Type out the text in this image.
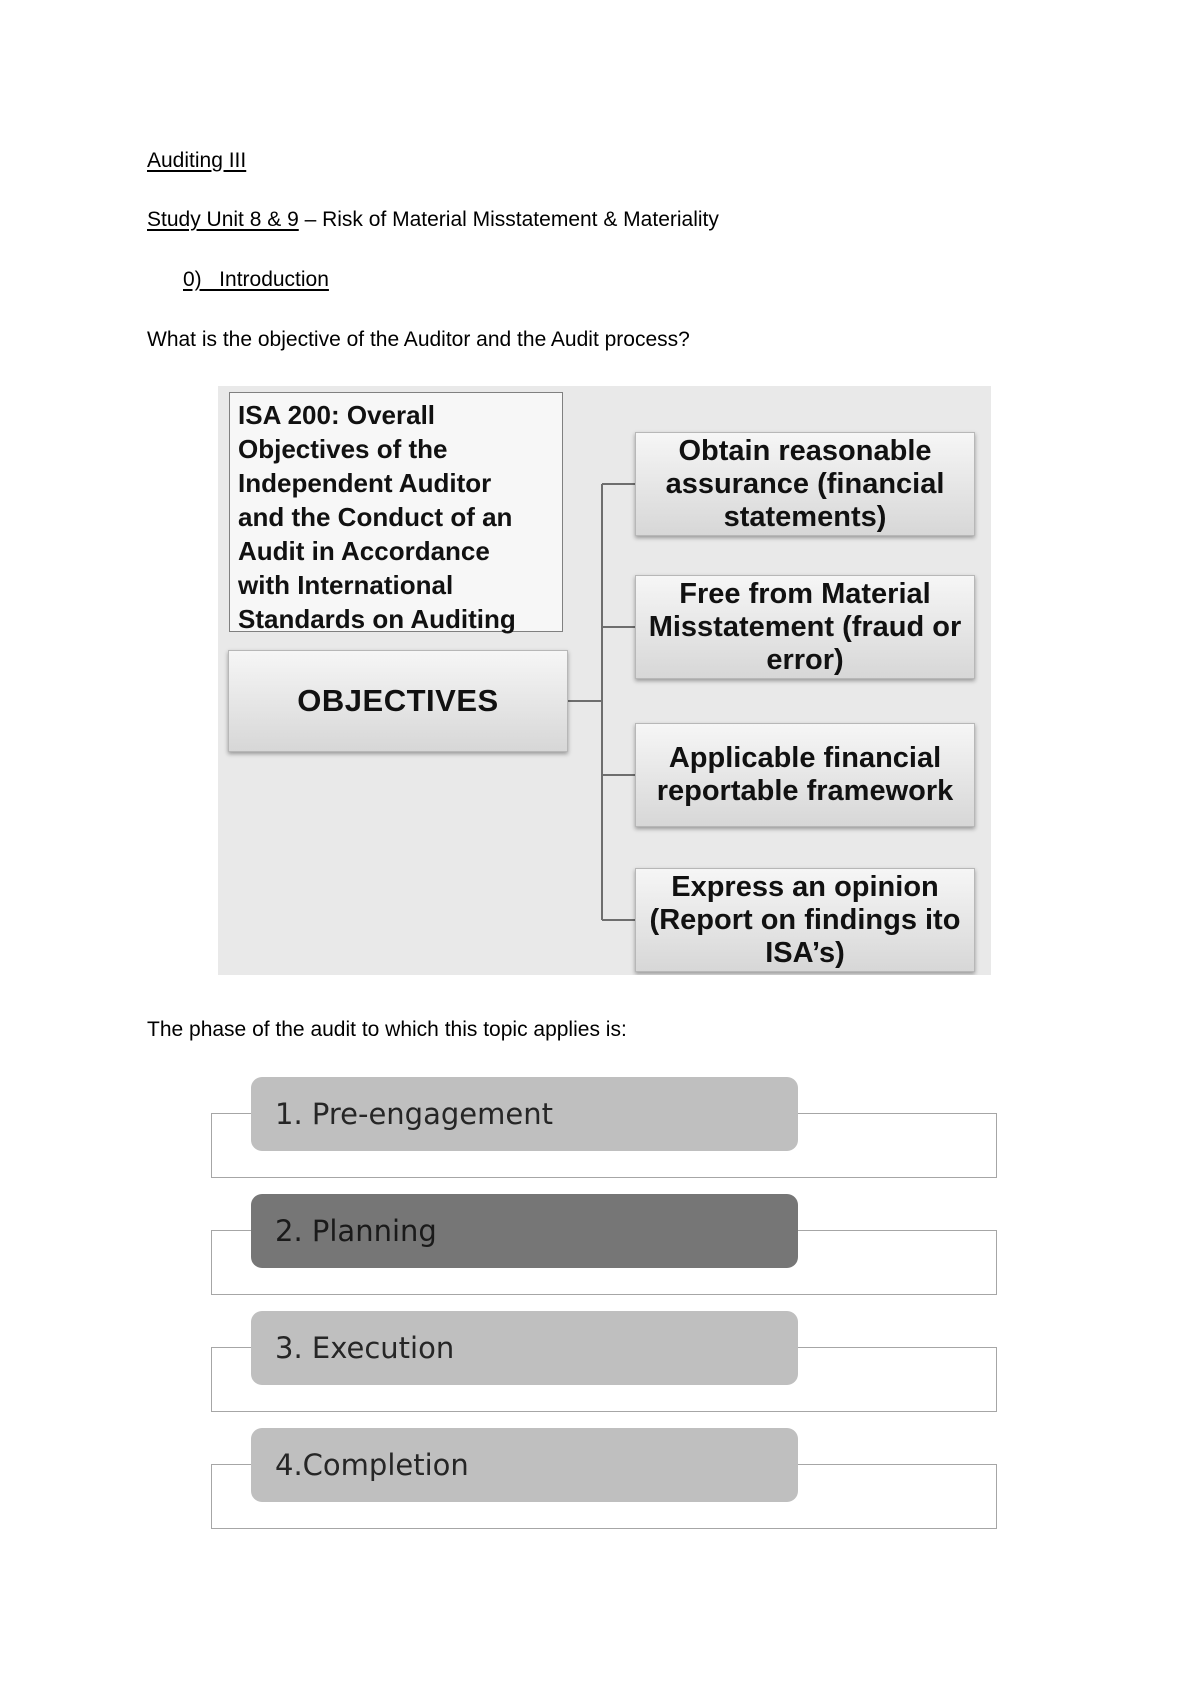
Auditing III
Study Unit 8 & 9 – Risk of Material Misstatement & Materiality
0)   Introduction
What is the objective of the Auditor and the Audit process?
ISA 200: Overall
Objectives of the
Independent Auditor
and the Conduct of an
Audit in Accordance
with International
Standards on Auditing
OBJECTIVES
Obtain reasonable assurance (financial statements)
Free from Material Misstatement (fraud or error)
Applicable financial reportable framework
Express an opinion (Report on findings ito ISA’s)
The phase of the audit to which this topic applies is:
1. Pre-engagement
2. Planning
3. Execution
4.Completion
